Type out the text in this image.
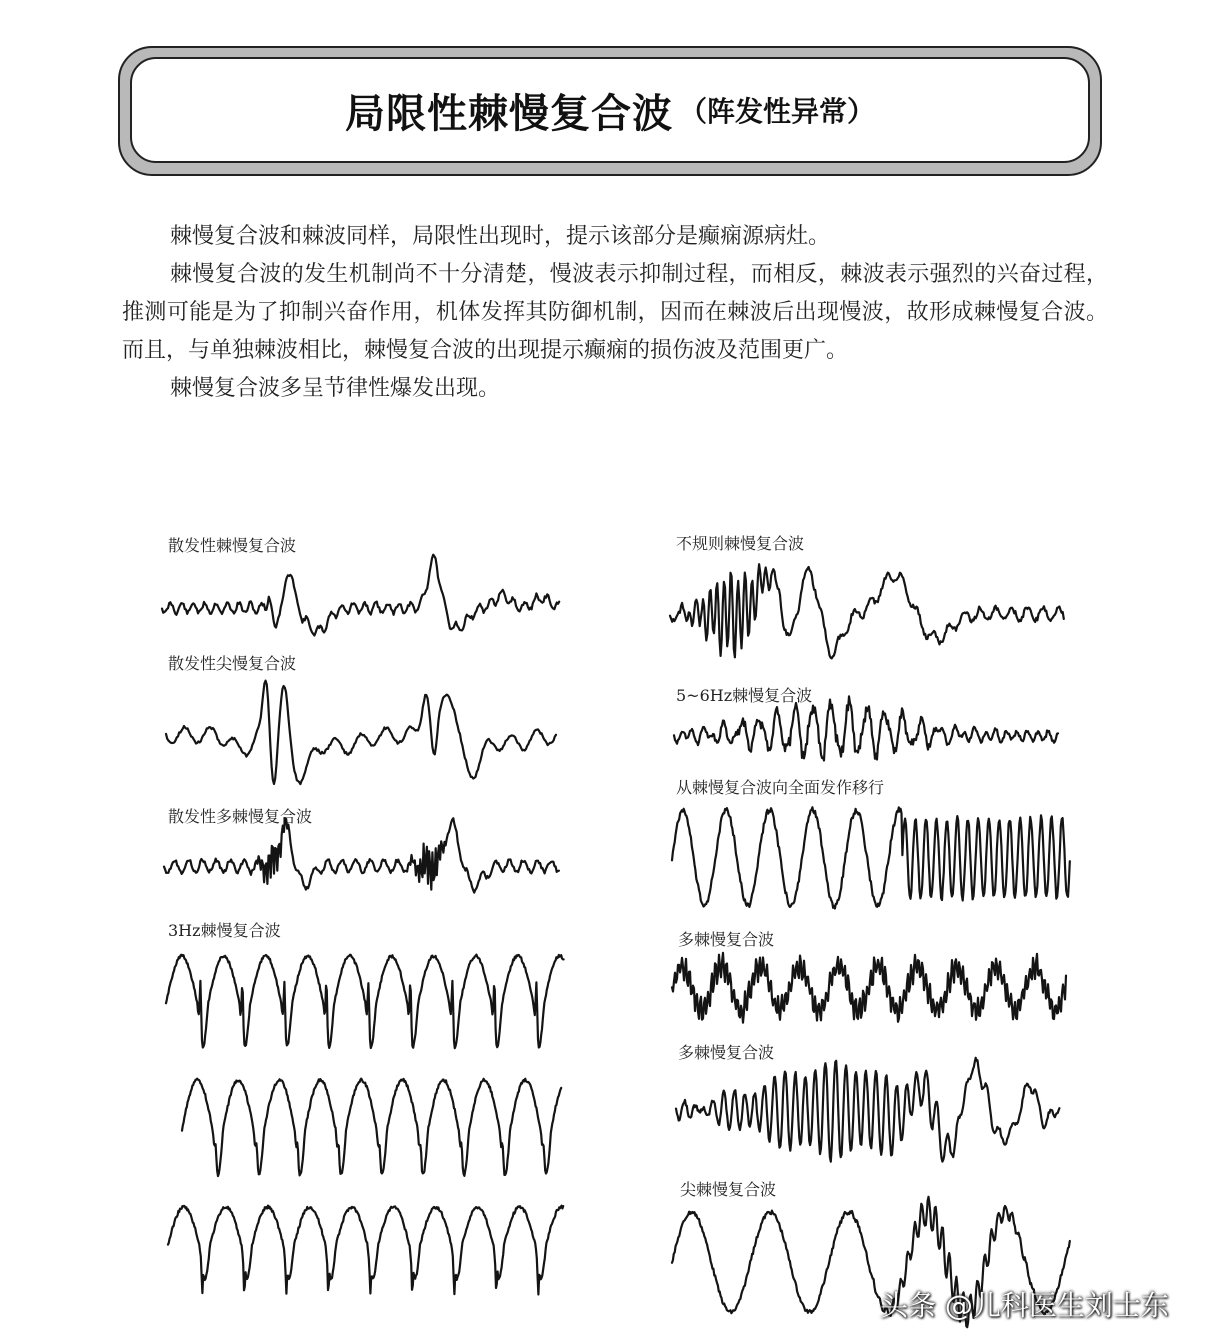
局限性棘慢复合波 （阵发性异常）

棘慢复合波和棘波同样，局限性出现时，提示该部分是癫痫源病灶。

棘慢复合波的发生机制尚不十分清楚，慢波表示抑制过程，而相反，棘波表示强烈的兴奋过程，推测可能是为了抑制兴奋作用，机体发挥其防御机制，因而在棘波后出现慢波，故形成棘慢复合波。而且，与单独棘波相比，棘慢复合波的出现提示癫痫的损伤波及范围更广。

棘慢复合波多呈节律性爆发出现。

散发性棘慢复合波
散发性尖慢复合波
散发性多棘慢复合波
3Hz棘慢复合波
不规则棘慢复合波
5~6Hz棘慢复合波
从棘慢复合波向全面发作移行
多棘慢复合波
多棘慢复合波
尖棘慢复合波
头条 @儿科医生刘士东
